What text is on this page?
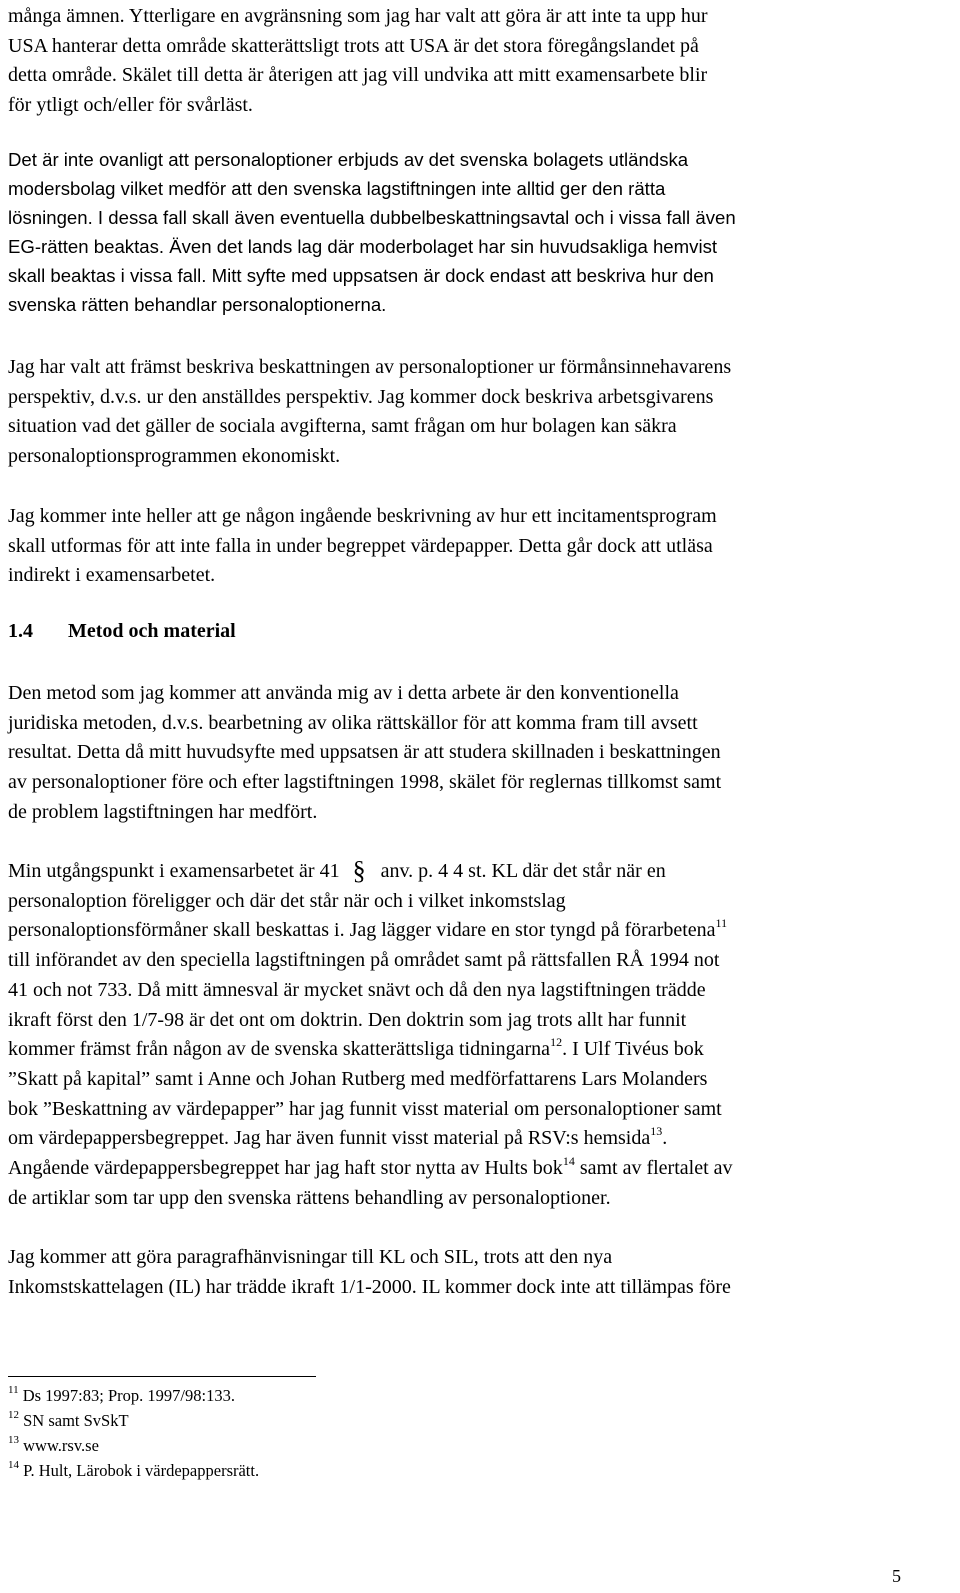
många ämnen. Ytterligare en avgränsning som jag har valt att göra är att inte ta upp hur

USA hanterar detta område skatterättsligt trots att USA är det stora föregångslandet på

detta område. Skälet till detta är återigen att jag vill undvika att mitt examensarbete blir

för ytligt och/eller för svårläst.

Det är inte ovanligt att personaloptioner erbjuds av det svenska bolagets utländska

modersbolag vilket medför att den svenska lagstiftningen inte alltid ger den rätta

lösningen. I dessa fall skall även eventuella dubbelbeskattningsavtal och i vissa fall även

EG-rätten beaktas. Även det lands lag där moderbolaget har sin huvudsakliga hemvist

skall beaktas i vissa fall. Mitt syfte med uppsatsen är dock endast att beskriva hur den

svenska rätten behandlar personaloptionerna.

Jag har valt att främst beskriva beskattningen av personaloptioner ur förmånsinnehavarens

perspektiv, d.v.s. ur den anställdes perspektiv. Jag kommer dock beskriva arbetsgivarens

situation vad det gäller de sociala avgifterna, samt frågan om hur bolagen kan säkra

personaloptionsprogrammen ekonomiskt.

Jag kommer inte heller att ge någon ingående beskrivning av hur ett incitamentsprogram

skall utformas för att inte falla in under begreppet värdepapper. Detta går dock att utläsa

indirekt i examensarbetet.

1.4 Metod och material

Den metod som jag kommer att använda mig av i detta arbete är den konventionella

juridiska metoden, d.v.s. bearbetning av olika rättskällor för att komma fram till avsett

resultat. Detta då mitt huvudsyfte med uppsatsen är att studera skillnaden i beskattningen

av personaloptioner före och efter lagstiftningen 1998, skälet för reglernas tillkomst samt

de problem lagstiftningen har medfört.

Min utgångspunkt i examensarbetet är 41 § anv. p. 4 4 st. KL där det står när en

personaloption föreligger och där det står när och i vilket inkomstslag

personaloptionsförmåner skall beskattas i. Jag lägger vidare en stor tyngd på förarbetena$^{11}$

till införandet av den speciella lagstiftningen på området samt på rättsfallen RÅ 1994 not

41 och not 733. Då mitt ämnesval är mycket snävt och då den nya lagstiftningen trädde

ikraft först den 1/7-98 är det ont om doktrin. Den doktrin som jag trots allt har funnit

kommer främst från någon av de svenska skatterättsliga tidningarna$^{12}$. I Ulf Tivéus bok

”Skatt på kapital” samt i Anne och Johan Rutberg med medförfattarens Lars Molanders

bok ”Beskattning av värdepapper” har jag funnit visst material om personaloptioner samt

om värdepappersbegreppet. Jag har även funnit visst material på RSV:s hemsida$^{13}$.

Angående värdepappersbegreppet har jag haft stor nytta av Hults bok$^{14}$ samt av flertalet av

de artiklar som tar upp den svenska rättens behandling av personaloptioner.

Jag kommer att göra paragrafhänvisningar till KL och SIL, trots att den nya

Inkomstskattelagen (IL) har trädde ikraft 1/1-2000. IL kommer dock inte att tillämpas före

$^{11}$ Ds 1997:83; Prop. 1997/98:133.
$^{12}$ SN samt SvSkT
$^{13}$ www.rsv.se
$^{14}$ P. Hult, Lärobok i värdepappersrätt.
5
